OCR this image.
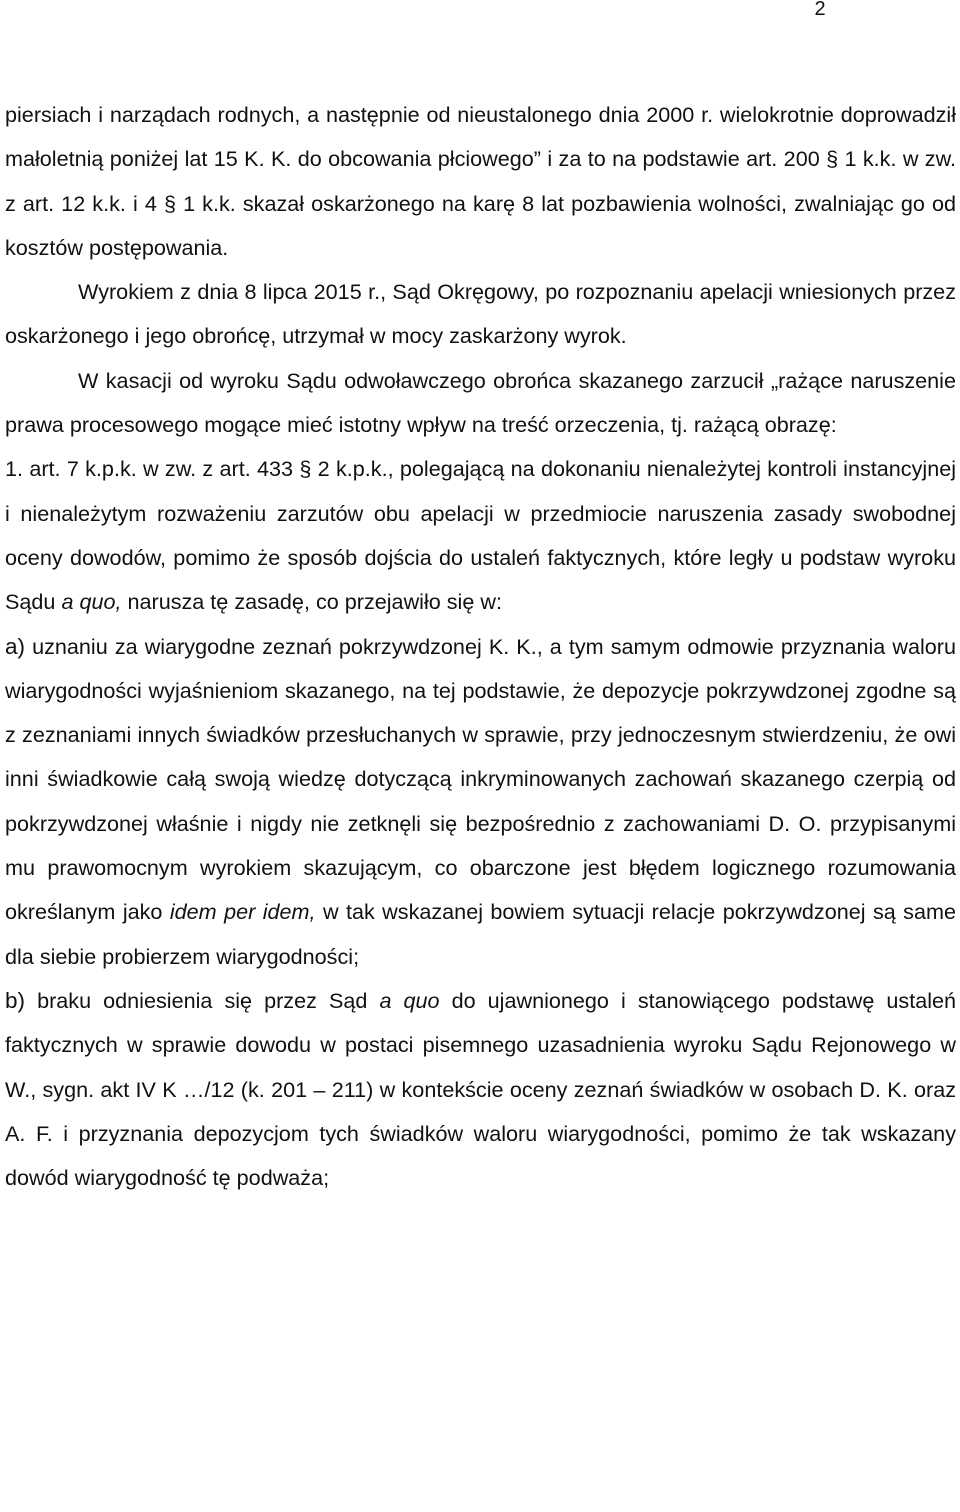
2

piersiach i narządach rodnych, a następnie od nieustalonego dnia 2000 r. wielokrotnie doprowadził małoletnią poniżej lat 15 K. K. do obcowania płciowego” i za to na podstawie art. 200 § 1 k.k. w zw. z art. 12 k.k. i 4 § 1 k.k. skazał oskarżonego na karę 8 lat pozbawienia wolności, zwalniając go od kosztów postępowania.

Wyrokiem z dnia 8 lipca 2015 r., Sąd Okręgowy, po rozpoznaniu apelacji wniesionych przez oskarżonego i jego obrońcę, utrzymał w mocy zaskarżony wyrok.

W kasacji od wyroku Sądu odwoławczego obrońca skazanego zarzucił „rażące naruszenie prawa procesowego mogące mieć istotny wpływ na treść orzeczenia, tj. rażącą obrazę:

1. art. 7 k.p.k. w zw. z art. 433 § 2 k.p.k., polegającą na dokonaniu nienależytej kontroli instancyjnej i nienależytym rozważeniu zarzutów obu apelacji w przedmiocie naruszenia zasady swobodnej oceny dowodów, pomimo że sposób dojścia do ustaleń faktycznych, które legły u podstaw wyroku Sądu a quo, narusza tę zasadę, co przejawiło się w:

a) uznaniu za wiarygodne zeznań pokrzywdzonej K. K., a tym samym odmowie przyznania waloru wiarygodności wyjaśnieniom skazanego, na tej podstawie, że depozycje pokrzywdzonej zgodne są z zeznaniami innych świadków przesłuchanych w sprawie, przy jednoczesnym stwierdzeniu, że owi inni świadkowie całą swoją wiedzę dotyczącą inkryminowanych zachowań skazanego czerpią od pokrzywdzonej właśnie i nigdy nie zetknęli się bezpośrednio z zachowaniami D. O. przypisanymi mu prawomocnym wyrokiem skazującym, co obarczone jest błędem logicznego rozumowania określanym jako idem per idem, w tak wskazanej bowiem sytuacji relacje pokrzywdzonej są same dla siebie probierzem wiarygodności;

b) braku odniesienia się przez Sąd a quo do ujawnionego i stanowiącego podstawę ustaleń faktycznych w sprawie dowodu w postaci pisemnego uzasadnienia wyroku Sądu Rejonowego w W., sygn. akt IV K …/12 (k. 201 – 211) w kontekście oceny zeznań świadków w osobach D. K. oraz A. F. i przyznania depozycjom tych świadków waloru wiarygodności, pomimo że tak wskazany dowód wiarygodność tę podważa;
